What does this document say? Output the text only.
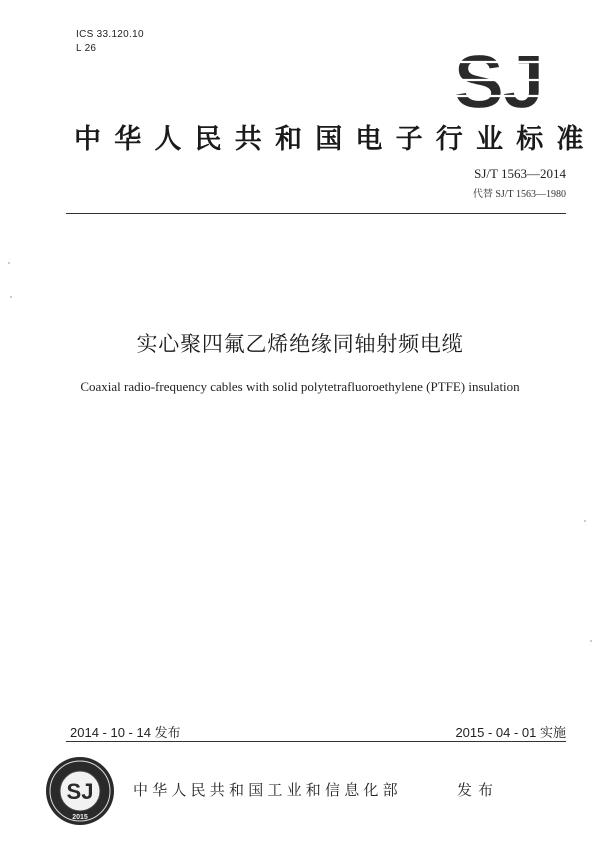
ICS 33.120.10
L 26	SJ
中华人民共和国电子行业标准
SJ/T 1563—2014
代替 SJ/T 1563—1980
实心聚四氟乙烯绝缘同轴射频电缆
Coaxial radio-frequency cables with solid polytetrafluoroethylene (PTFE) insulation
2014 - 10 - 14 发布	2015 - 04 - 01 实施
SJ
2015
中华人民共和国工业和信息化部	发布
